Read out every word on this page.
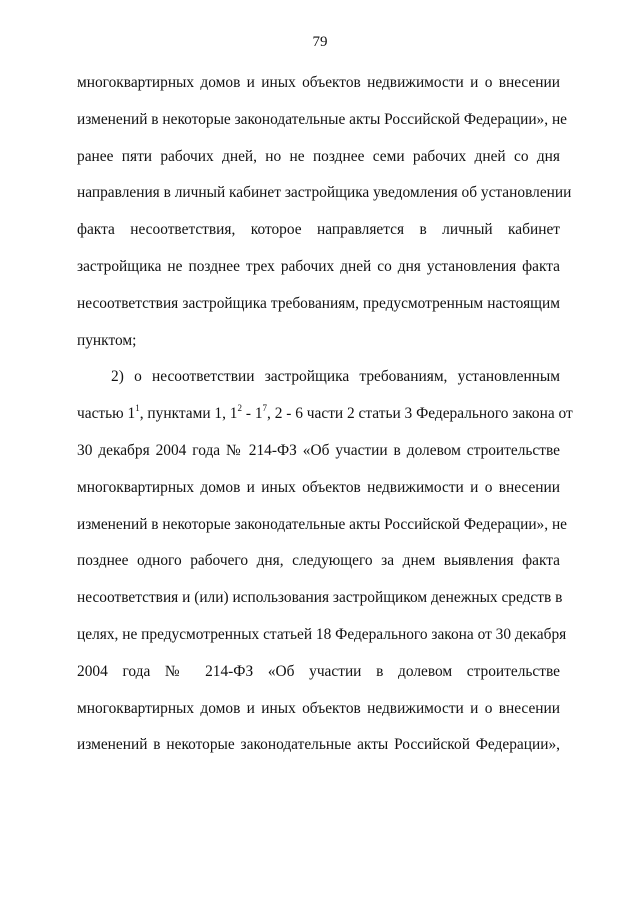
79
многоквартирных домов и иных объектов недвижимости и о внесении
изменений в некоторые законодательные акты Российской Федерации», не
ранее пяти рабочих дней, но не позднее семи рабочих дней со дня
направления в личный кабинет застройщика уведомления об установлении
факта несоответствия, которое направляется в личный кабинет
застройщика не позднее трех рабочих дней со дня установления факта
несоответствия застройщика требованиям, предусмотренным настоящим
пунктом;
2) о несоответствии застройщика требованиям, установленным
частью $1^1$, пунктами 1, $1^2 - 1^7$, 2 - 6 части 2 статьи 3 Федерального закона от
30 декабря 2004 года № 214-ФЗ «Об участии в долевом строительстве
многоквартирных домов и иных объектов недвижимости и о внесении
изменений в некоторые законодательные акты Российской Федерации», не
позднее одного рабочего дня, следующего за днем выявления факта
несоответствия и (или) использования застройщиком денежных средств в
целях, не предусмотренных статьей 18 Федерального закона от 30 декабря
2004 года № 214-ФЗ «Об участии в долевом строительстве
многоквартирных домов и иных объектов недвижимости и о внесении
изменений в некоторые законодательные акты Российской Федерации»,
